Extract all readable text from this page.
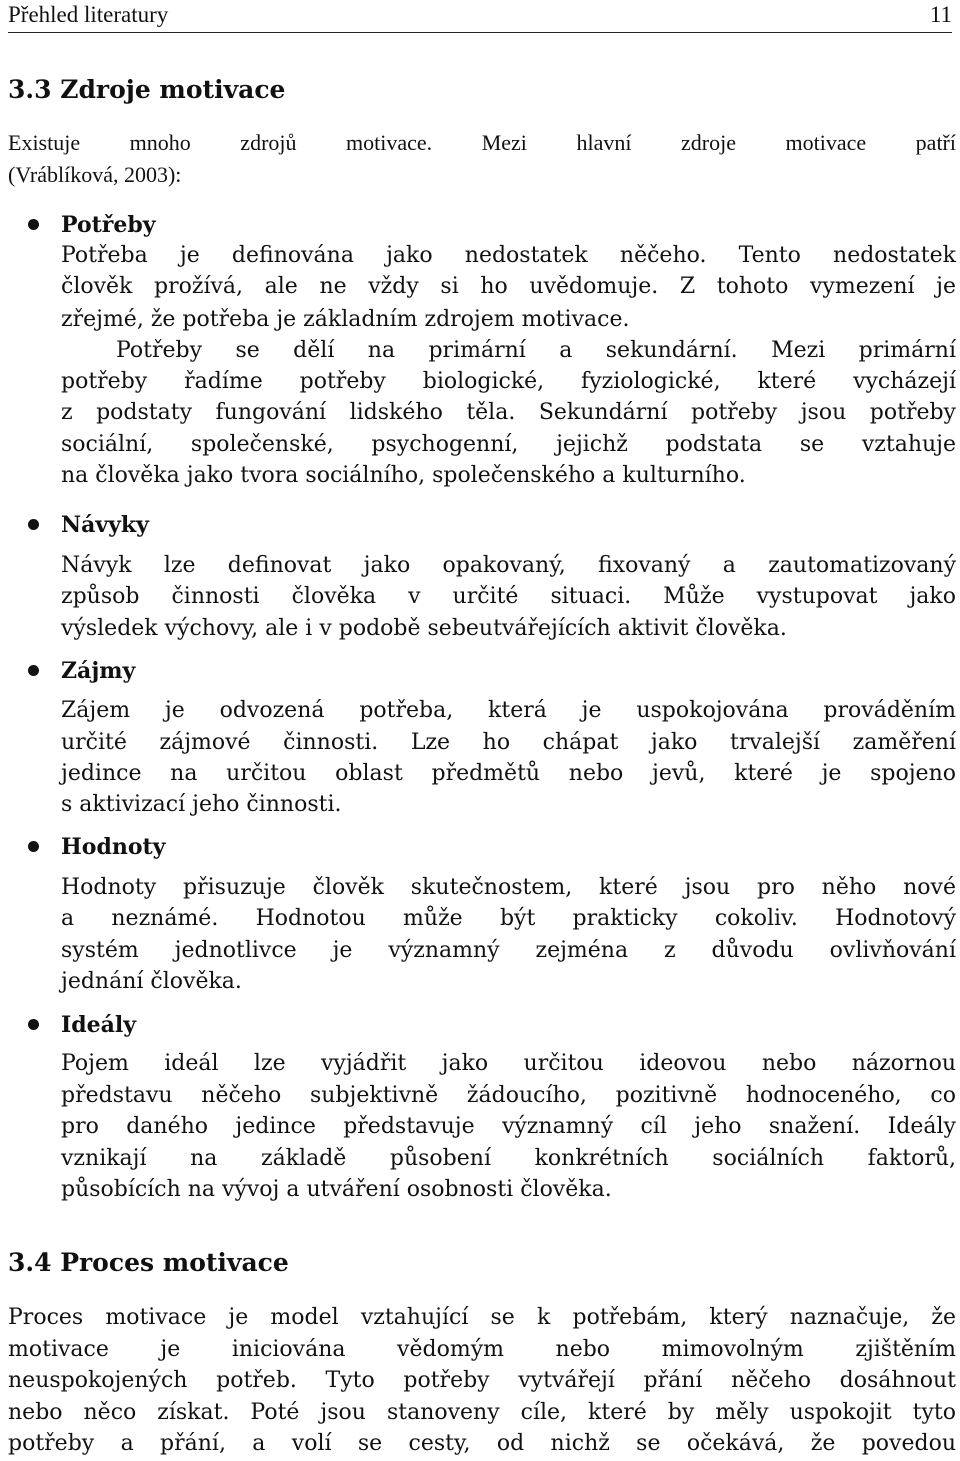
Přehled literatury	11
3.3 Zdroje motivace
Existuje mnoho zdrojů motivace. Mezi hlavní zdroje motivace patří
(Vráblíková, 2003):
Potřeby
Potřeba je definována jako nedostatek něčeho. Tento nedostatek
člověk prožívá, ale ne vždy si ho uvědomuje. Z tohoto vymezení je
zřejmé, že potřeba je základním zdrojem motivace.
Potřeby se dělí na primární a sekundární. Mezi primární
potřeby řadíme potřeby biologické, fyziologické, které vycházejí
z podstaty fungování lidského těla. Sekundární potřeby jsou potřeby
sociální, společenské, psychogenní, jejichž podstata se vztahuje
na člověka jako tvora sociálního, společenského a kulturního.
Návyky
Návyk lze definovat jako opakovaný, fixovaný a zautomatizovaný
způsob činnosti člověka v určité situaci. Může vystupovat jako
výsledek výchovy, ale i v podobě sebeutvářejících aktivit člověka.
Zájmy
Zájem je odvozená potřeba, která je uspokojována prováděním
určité zájmové činnosti. Lze ho chápat jako trvalejší zaměření
jedince na určitou oblast předmětů nebo jevů, které je spojeno
s aktivizací jeho činnosti.
Hodnoty
Hodnoty přisuzuje člověk skutečnostem, které jsou pro něho nové
a neznámé. Hodnotou může být prakticky cokoliv. Hodnotový
systém jednotlivce je významný zejména z důvodu ovlivňování
jednání člověka.
Ideály
Pojem ideál lze vyjádřit jako určitou ideovou nebo názornou
představu něčeho subjektivně žádoucího, pozitivně hodnoceného, co
pro daného jedince představuje významný cíl jeho snažení. Ideály
vznikají na základě působení konkrétních sociálních faktorů,
působících na vývoj a utváření osobnosti člověka.
3.4 Proces motivace
Proces motivace je model vztahující se k potřebám, který naznačuje, že
motivace je iniciována vědomým nebo mimovolným zjištěním
neuspokojených potřeb. Tyto potřeby vytvářejí přání něčeho dosáhnout
nebo něco získat. Poté jsou stanoveny cíle, které by měly uspokojit tyto
potřeby a přání, a volí se cesty, od nichž se očekává, že povedou
